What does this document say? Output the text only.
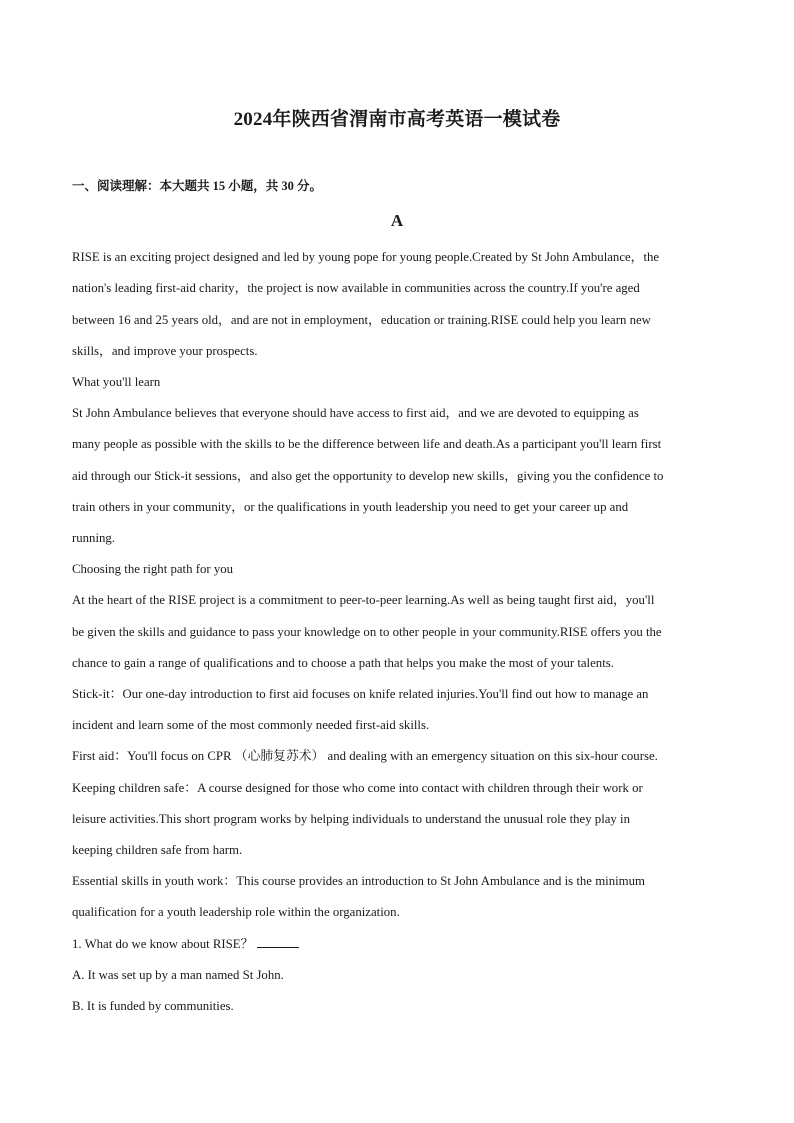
2024年陕西省渭南市高考英语一模试卷
一、阅读理解：本大题共 15 小题，共 30 分。
A
RISE is an exciting project designed and led by young pope for young people.Created by St John Ambulance，the
nation's leading first-aid charity，the project is now available in communities across the country.If you're aged
between 16 and 25 years old，and are not in employment，education or training.RISE could help you learn new
skills，and improve your prospects.
What you'll learn
St John Ambulance believes that everyone should have access to first aid，and we are devoted to equipping as
many people as possible with the skills to be the difference between life and death.As a participant you'll learn first
aid through our Stick-it sessions，and also get the opportunity to develop new skills，giving you the confidence to
train others in your community，or the qualifications in youth leadership you need to get your career up and
running.
Choosing the right path for you
At the heart of the RISE project is a commitment to peer-to-peer learning.As well as being taught first aid，you'll
be given the skills and guidance to pass your knowledge on to other people in your community.RISE offers you the
chance to gain a range of qualifications and to choose a path that helps you make the most of your talents.
Stick-it：Our one-day introduction to first aid focuses on knife related injuries.You'll find out how to manage an
incident and learn some of the most commonly needed first-aid skills.
First aid：You'll focus on CPR （心肺复苏术） and dealing with an emergency situation on this six-hour course.
Keeping children safe：A course designed for those who come into contact with children through their work or
leisure activities.This short program works by helping individuals to understand the unusual role they play in
keeping children safe from harm.
Essential skills in youth work：This course provides an introduction to St John Ambulance and is the minimum
qualification for a youth leadership role within the organization.
1. What do we know about RISE？
A. It was set up by a man named St John.
B. It is funded by communities.
